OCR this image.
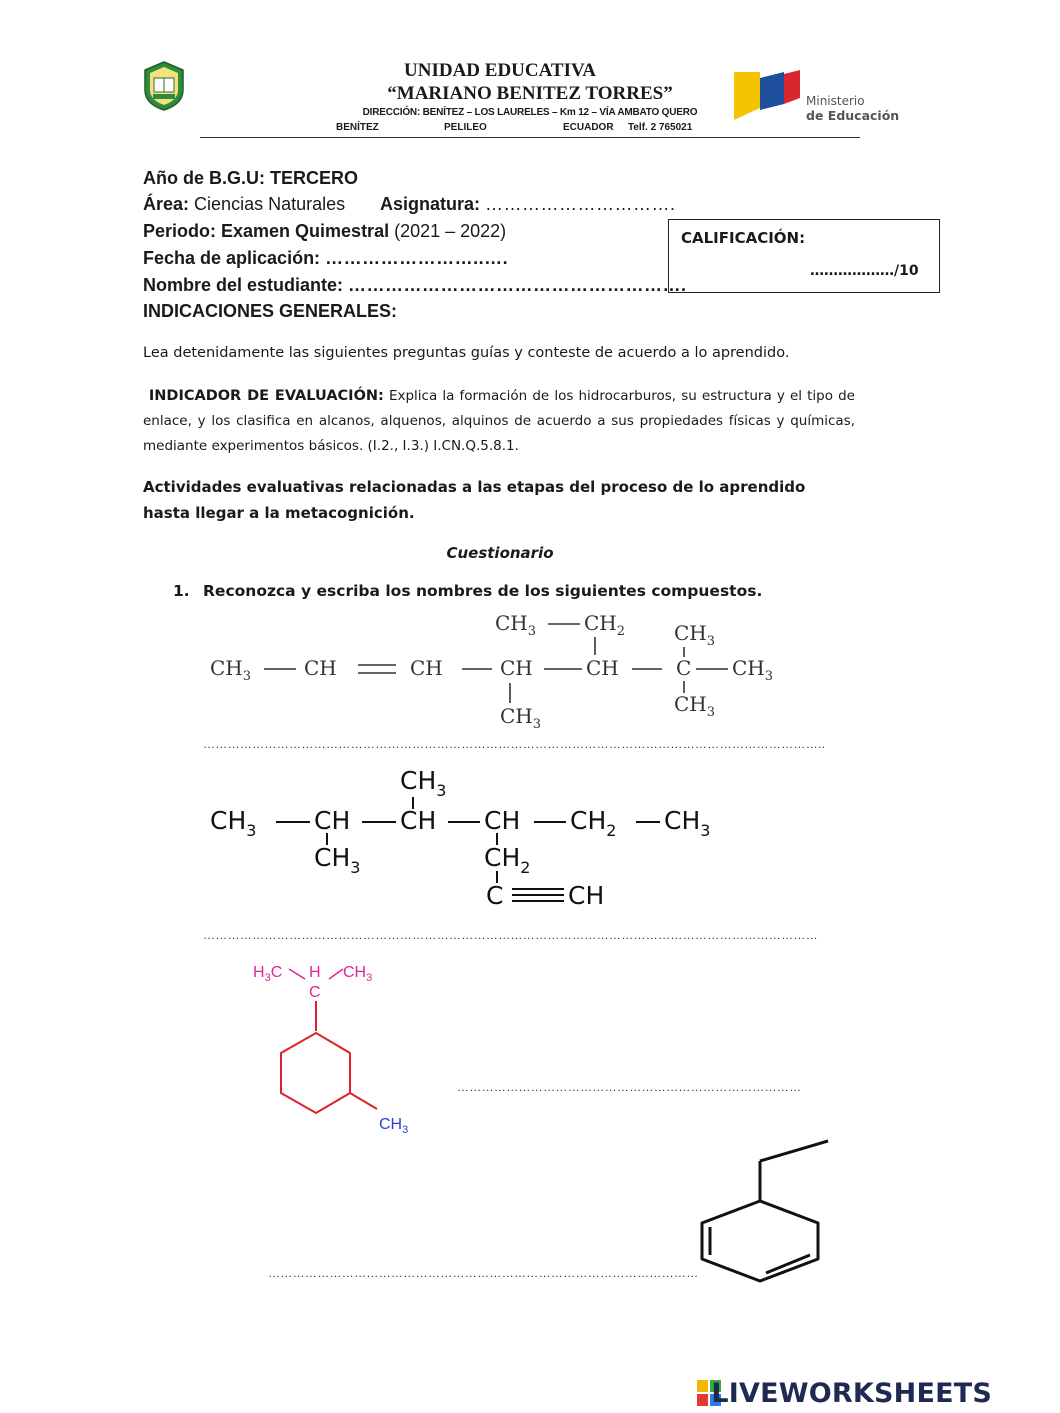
UNIDAD EDUCATIVA
“MARIANO BENITEZ TORRES”
DIRECCIÓN: BENÍTEZ – LOS LAURELES – Km 12 – VÍA AMBATO QUERO
BENÍTEZ	PELILEO	ECUADOR Telf. 2 765021
Ministerio
de Educación
Año de B.G.U: TERCERO
Área: Ciencias Naturales Asignatura: ………………………….
Periodo: Examen Quimestral (2021 – 2022)
Fecha de aplicación: ……………………..….
Nombre del estudiante: ……………………………………………….
INDICACIONES GENERALES:
CALIFICACIÓN:
………………/10
Lea detenidamente las siguientes preguntas guías y conteste de acuerdo a lo aprendido.
INDICADOR DE EVALUACIÓN: Explica la formación de los hidrocarburos, su estructura y el tipo de enlace, y los clasifica en alcanos, alquenos, alquinos de acuerdo a sus propiedades físicas y químicas, mediante experimentos básicos. (I.2., I.3.) I.CN.Q.5.8.1.
Actividades evaluativas relacionadas a las etapas del proceso de lo aprendido hasta llegar a la metacognición.
Cuestionario
1. Reconozca y escriba los nombres de los siguientes compuestos.
$CH_3$	CH	CH	CH	CH	C $CH_3$
$CH_3$ $CH_2$
$CH_3$
$CH_3$
$CH_3$
……………………………………………………………………………………………………………………………………..
$CH_3$ CH CH CH $CH_2$ $CH_3$
$CH_3$
$CH_3$	$CH_2$
C	CH
……………………………………………………………………………………………………………………………………
$H_3C$ H
C
$CH_3$
$CH_3$
…………………………………………………………………………
……………………………………………………………………………………………
LIVEWORKSHEETS
